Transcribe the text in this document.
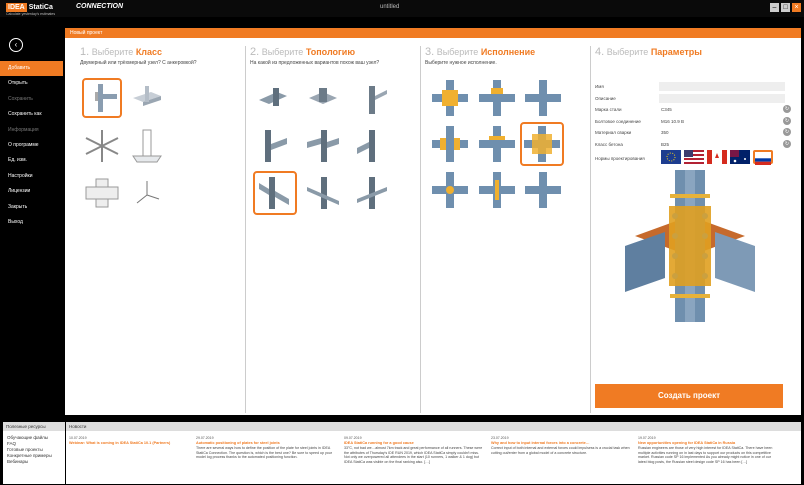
IDEA StatiCa
Calculate yesterday's estimates
CONNECTION	untitled	– □ ×
‹
Добавить
Открыть
Сохранить
Сохранить как
Информация
О программе
Ед. изм.
Настройки
Лицензии
Закрыть
Выход
Новый проект
1. Выберите Класс
Двумерный или трёхмерный узел? С анкеровкой?
2. Выберите Топологию
На какой из предложенных вариантов похож ваш узел?
3. Выберите Исполнение
Выберите нужное исполнение.
4. Выберите Параметры
Имя
Описание
Марка стали	C345	↻
Болтовое соединение	M16 10.9 B	↻
Материал сварки	350	↻
Класс бетона	B25	↻
Нормы проектирования
Создать проект
Полезные ресурсы
Обучающие файлы
FAQ
Готовые проекты
Конкретные примеры
Вебинары
Новости
10.07.2019
Webinar: What is coming in IDEA StatiCa 10.1 (Partners)
29.07.2019
Automatic positioning of plates for steel joints
There are several ways how to define the position of the plate for steel joints in IDEA StatiCa Connection. The question is, which is the best one? Be sure to speed up your model log process thanks to the automated positioning function.
09.07.2019
IDEA StatiCa running for a good cause
33°C, not bad we…almost 7km track and great performance of all runners. These were the attributes of Thursday's IDE RUN 2019, which IDEA StatiCa simply couldn't miss. Not only we overpowered all attendees in the start (10 runners, 1 walker & 1 dog) but IDEA StatiCa was visible on the final ranking also. […]
23.07.2019
Why and how to input internal forces into a concrete…
Correct input of both internal and external forces could impulsess is a crucial task when cutting out/enter from a global model of a concrete structure.
19.07.2019
New opportunities opening for IDEA StatiCa in Russia
Russian engineers are those of very high interest for IDEA StatiCa. There have been multiple activities running on in last days to support our products on this competitive market. Russian code SP 16 implemented As you already might notice in one of our latest blog posts, the Russian steel design code SP 16 has been […]
